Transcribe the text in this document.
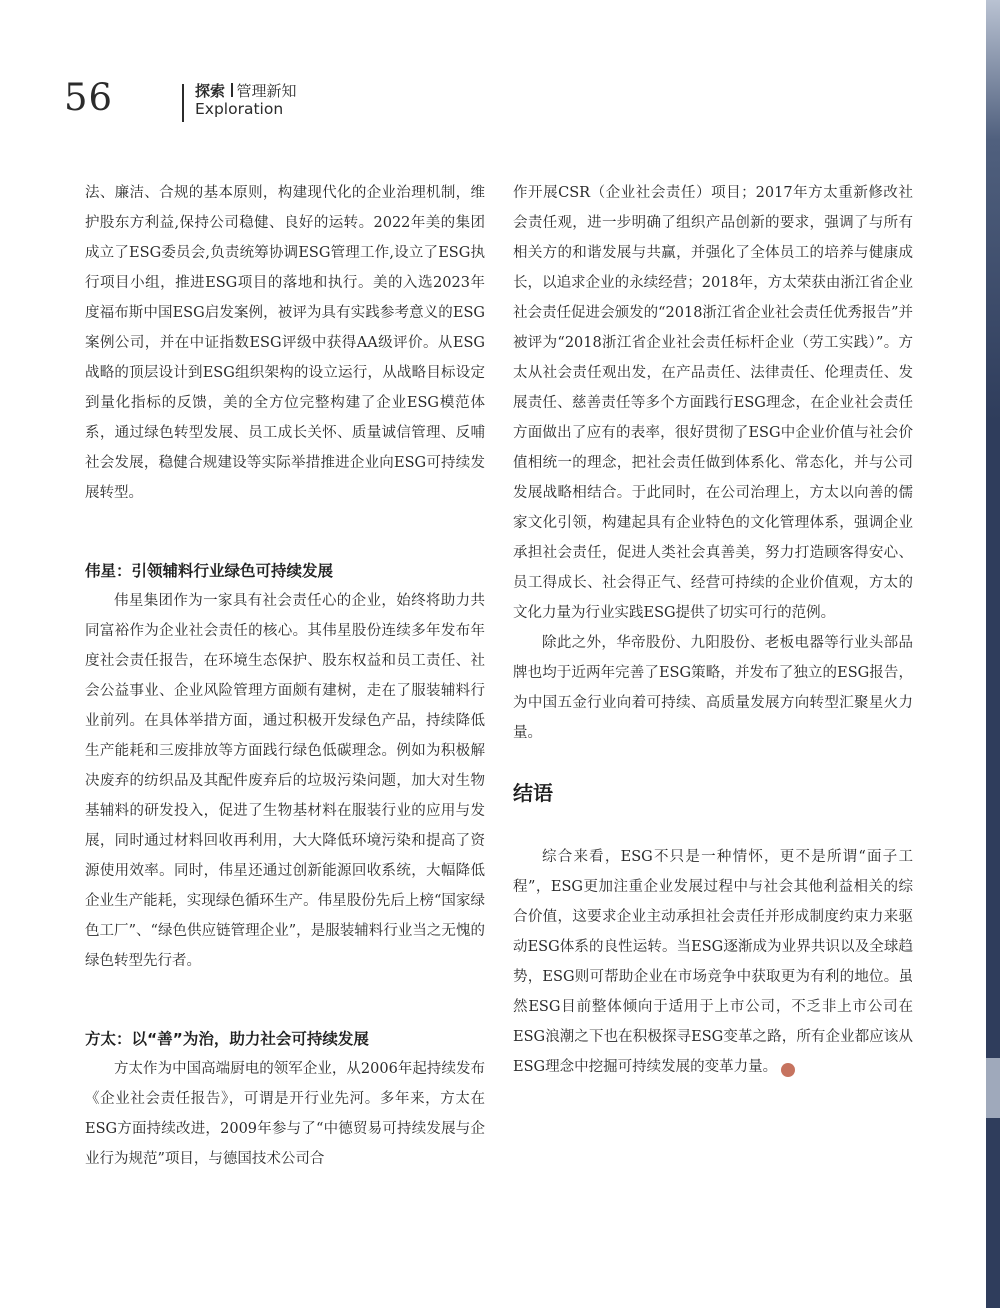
56	探索 管理新知
Exploration

法、廉洁、合规的基本原则，构建现代化的企业治理机制，维护股东方利益,保持公司稳健、良好的运转。2022年美的集团成立了ESG委员会,负责统筹协调ESG管理工作,设立了ESG执行项目小组，推进ESG项目的落地和执行。美的入选2023年度福布斯中国ESG启发案例，被评为具有实践参考意义的ESG案例公司，并在中证指数ESG评级中获得AA级评价。从ESG战略的顶层设计到ESG组织架构的设立运行，从战略目标设定到量化指标的反馈，美的全方位完整构建了企业ESG模范体系，通过绿色转型发展、员工成长关怀、质量诚信管理、反哺社会发展，稳健合规建设等实际举措推进企业向ESG可持续发展转型。

伟星：引领辅料行业绿色可持续发展

伟星集团作为一家具有社会责任心的企业，始终将助力共同富裕作为企业社会责任的核心。其伟星股份连续多年发布年度社会责任报告，在环境生态保护、股东权益和员工责任、社会公益事业、企业风险管理方面颇有建树，走在了服装辅料行业前列。在具体举措方面，通过积极开发绿色产品，持续降低生产能耗和三废排放等方面践行绿色低碳理念。例如为积极解决废弃的纺织品及其配件废弃后的垃圾污染问题，加大对生物基辅料的研发投入，促进了生物基材料在服装行业的应用与发展，同时通过材料回收再利用，大大降低环境污染和提高了资源使用效率。同时，伟星还通过创新能源回收系统，大幅降低企业生产能耗，实现绿色循环生产。伟星股份先后上榜“国家绿色工厂”、“绿色供应链管理企业”，是服装辅料行业当之无愧的绿色转型先行者。

方太：以“善”为治，助力社会可持续发展

方太作为中国高端厨电的领军企业，从2006年起持续发布《企业社会责任报告》，可谓是开行业先河。多年来，方太在ESG方面持续改进，2009年参与了“中德贸易可持续发展与企业行为规范”项目，与德国技术公司合

作开展CSR（企业社会责任）项目；2017年方太重新修改社会责任观，进一步明确了组织产品创新的要求，强调了与所有相关方的和谐发展与共赢，并强化了全体员工的培养与健康成长，以追求企业的永续经营；2018年，方太荣获由浙江省企业社会责任促进会颁发的“2018浙江省企业社会责任优秀报告”并被评为“2018浙江省企业社会责任标杆企业（劳工实践）”。方太从社会责任观出发，在产品责任、法律责任、伦理责任、发展责任、慈善责任等多个方面践行ESG理念，在企业社会责任方面做出了应有的表率，很好贯彻了ESG中企业价值与社会价值相统一的理念，把社会责任做到体系化、常态化，并与公司发展战略相结合。于此同时，在公司治理上，方太以向善的儒家文化引领，构建起具有企业特色的文化管理体系，强调企业承担社会责任，促进人类社会真善美，努力打造顾客得安心、员工得成长、社会得正气、经营可持续的企业价值观，方太的文化力量为行业实践ESG提供了切实可行的范例。

除此之外，华帝股份、九阳股份、老板电器等行业头部品牌也均于近两年完善了ESG策略，并发布了独立的ESG报告，为中国五金行业向着可持续、高质量发展方向转型汇聚星火力量。

结语

综合来看，ESG不只是一种情怀，更不是所谓“面子工程”，ESG更加注重企业发展过程中与社会其他利益相关的综合价值，这要求企业主动承担社会责任并形成制度约束力来驱动ESG体系的良性运转。当ESG逐渐成为业界共识以及全球趋势，ESG则可帮助企业在市场竞争中获取更为有利的地位。虽然ESG目前整体倾向于适用于上市公司，不乏非上市公司在ESG浪潮之下也在积极探寻ESG变革之路，所有企业都应该从ESG理念中挖掘可持续发展的变革力量。	◘
